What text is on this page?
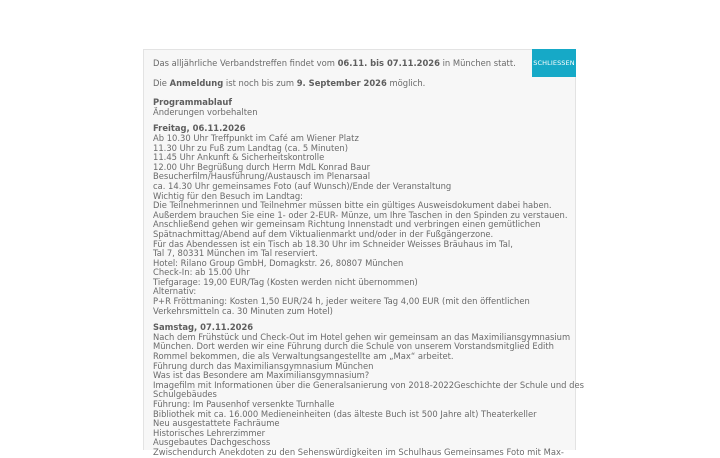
SCHLIESSEN

Das alljährliche Verbandstreffen findet vom 06.11. bis 07.11.2026 in München statt.

Die Anmeldung ist noch bis zum 9. September 2026 möglich.

Programmablauf
Änderungen vorbehalten
Freitag, 06.11.2026
Ab 10.30 Uhr Treffpunkt im Café am Wiener Platz
11.30 Uhr zu Fuß zum Landtag (ca. 5 Minuten)
11.45 Uhr Ankunft & Sicherheitskontrolle
12.00 Uhr Begrüßung durch Herrn MdL Konrad Baur
Besucherfilm/Hausführung/Austausch im Plenarsaal
ca. 14.30 Uhr gemeinsames Foto (auf Wunsch)/Ende der Veranstaltung
Wichtig für den Besuch im Landtag:
Die Teilnehmerinnen und Teilnehmer müssen bitte ein gültiges Ausweisdokument dabei haben.
Außerdem brauchen Sie eine 1- oder 2-EUR- Münze, um Ihre Taschen in den Spinden zu verstauen.
Anschließend gehen wir gemeinsam Richtung Innenstadt und verbringen einen gemütlichen
Spätnachmittag/Abend auf dem Viktualienmarkt und/oder in der Fußgängerzone.
Für das Abendessen ist ein Tisch ab 18.30 Uhr im Schneider Weisses Bräuhaus im Tal,
Tal 7, 80331 München im Tal reserviert.
Hotel: Rilano Group GmbH, Domagkstr. 26, 80807 München
Check-In: ab 15.00 Uhr
Tiefgarage: 19,00 EUR/Tag (Kosten werden nicht übernommen)
Alternativ:
P+R Fröttmaning: Kosten 1,50 EUR/24 h, jeder weitere Tag 4,00 EUR (mit den öffentlichen
Verkehrsmitteln ca. 30 Minuten zum Hotel)
Samstag, 07.11.2026
Nach dem Frühstück und Check-Out im Hotel gehen wir gemeinsam an das Maximiliansgymnasium
München. Dort werden wir eine Führung durch die Schule von unserem Vorstandsmitglied Edith
Rommel bekommen, die als Verwaltungsangestellte am „Max“ arbeitet.
Führung durch das Maximiliansgymnasium München
Was ist das Besondere am Maximiliansgymnasium?
Imagefilm mit Informationen über die Generalsanierung von 2018-2022Geschichte der Schule und des
Schulgebäudes
Führung: Im Pausenhof versenkte Turnhalle
Bibliothek mit ca. 16.000 Medieneinheiten (das älteste Buch ist 500 Jahre alt) Theaterkeller
Neu ausgestattete Fachräume
Historisches Lehrerzimmer
Ausgebautes Dachgeschoss
Zwischendurch Anekdoten zu den Sehenswürdigkeiten im Schulhaus Gemeinsames Foto mit Max-
